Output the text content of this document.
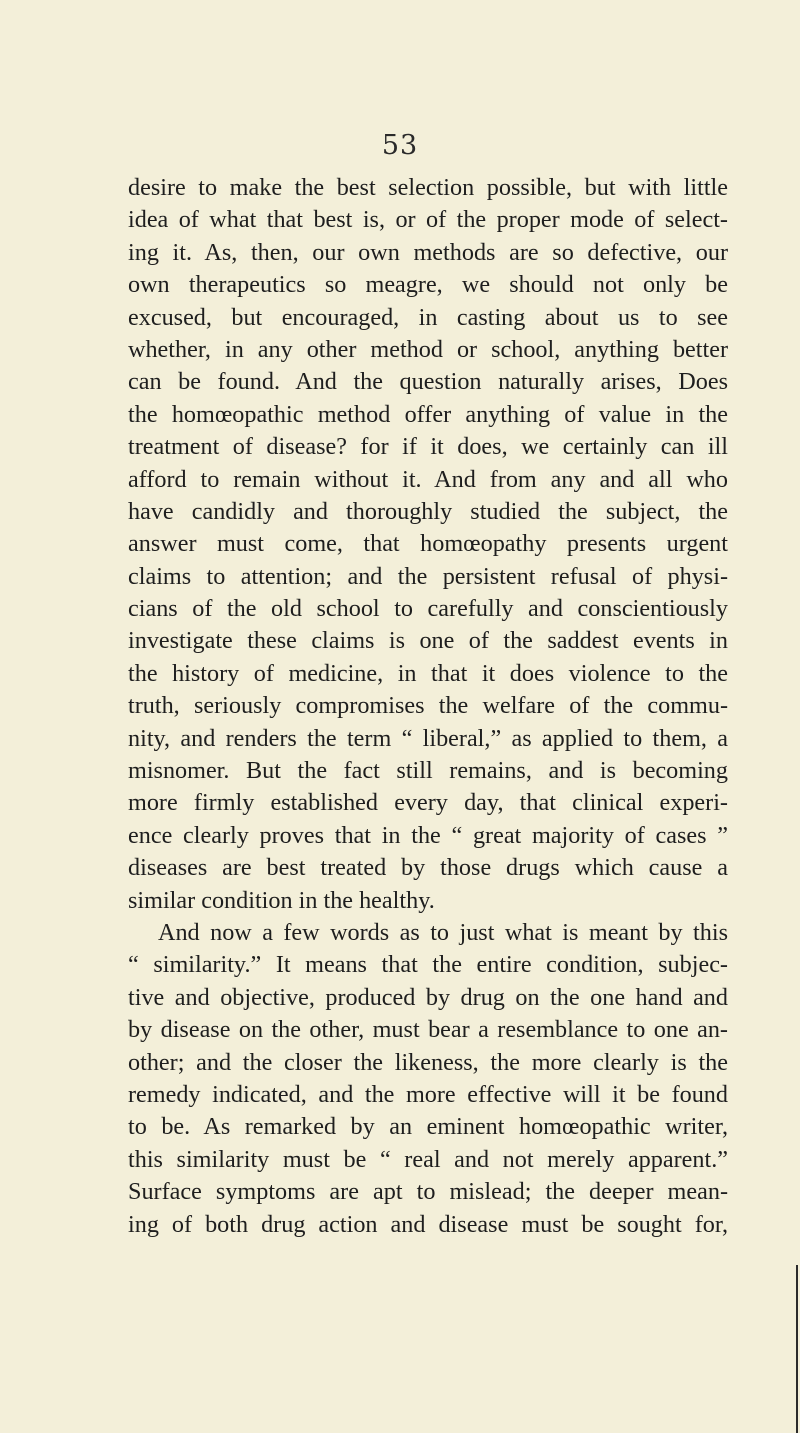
53
desire to make the best selection possible, but with little
idea of what that best is, or of the proper mode of select-
ing it. As, then, our own methods are so defective, our
own therapeutics so meagre, we should not only be
excused, but encouraged, in casting about us to see
whether, in any other method or school, anything better
can be found. And the question naturally arises, Does
the homœopathic method offer anything of value in the
treatment of disease? for if it does, we certainly can ill
afford to remain without it. And from any and all who
have candidly and thoroughly studied the subject, the
answer must come, that homœopathy presents urgent
claims to attention; and the persistent refusal of physi-
cians of the old school to carefully and conscientiously
investigate these claims is one of the saddest events in
the history of medicine, in that it does violence to the
truth, seriously compromises the welfare of the commu-
nity, and renders the term “ liberal,” as applied to them, a
misnomer. But the fact still remains, and is becoming
more firmly established every day, that clinical experi-
ence clearly proves that in the “ great majority of cases ”
diseases are best treated by those drugs which cause a
similar condition in the healthy.
And now a few words as to just what is meant by this
“ similarity.” It means that the entire condition, subjec-
tive and objective, produced by drug on the one hand and
by disease on the other, must bear a resemblance to one an-
other; and the closer the likeness, the more clearly is the
remedy indicated, and the more effective will it be found
to be. As remarked by an eminent homœopathic writer,
this similarity must be “ real and not merely apparent.”
Surface symptoms are apt to mislead; the deeper mean-
ing of both drug action and disease must be sought for,
